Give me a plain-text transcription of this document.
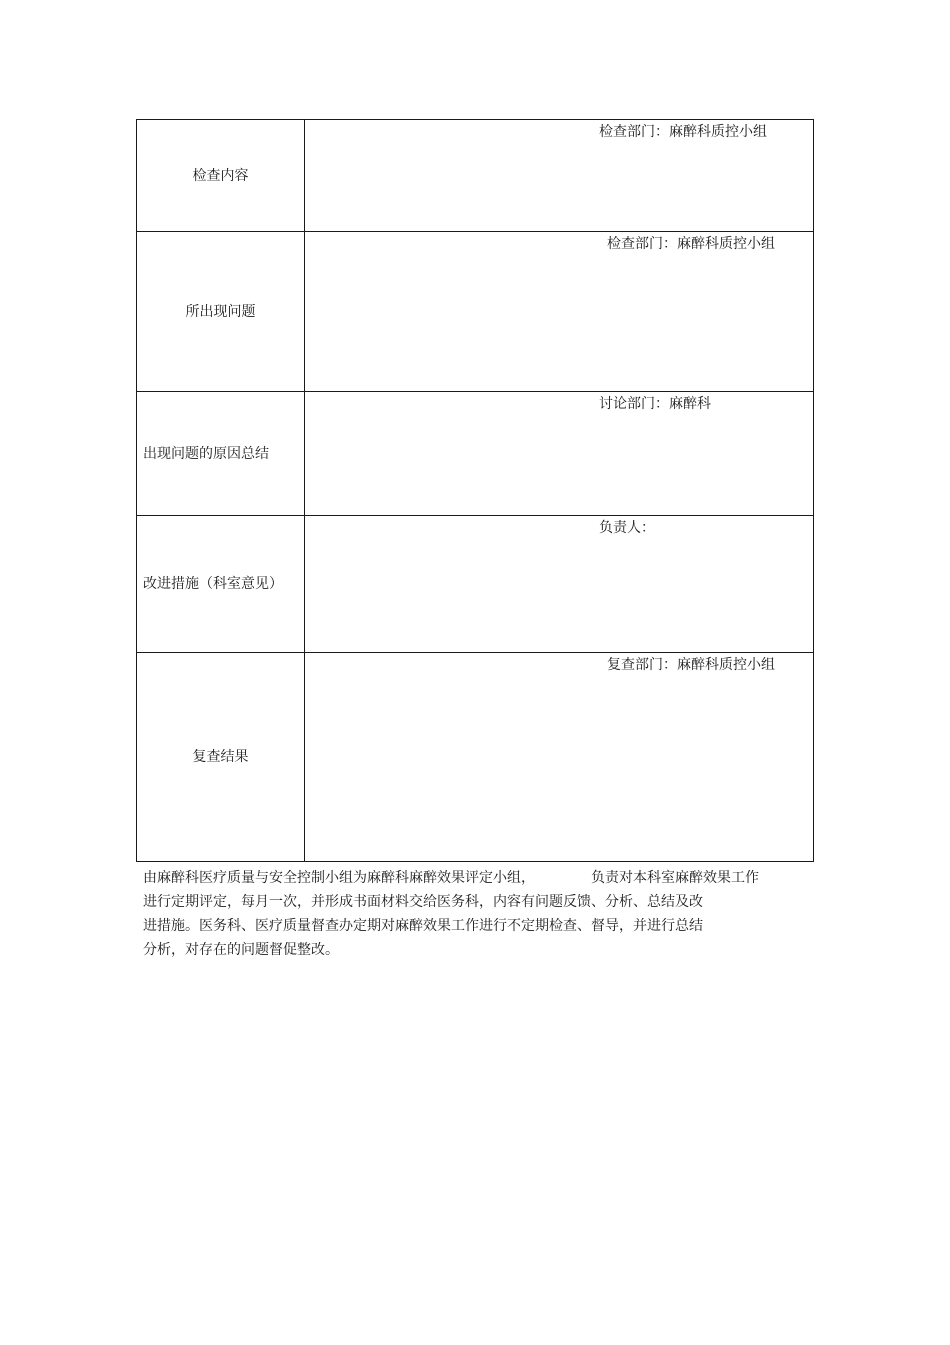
检查内容
检查部门：麻醉科质控小组
所出现问题
检查部门：麻醉科质控小组
出现问题的原因总结
讨论部门：麻醉科
改进措施（科室意见）
负责人：
复查结果
复查部门：麻醉科质控小组
由麻醉科医疗质量与安全控制小组为麻醉科麻醉效果评定小组，	负责对本科室麻醉效果工作
进行定期评定，每月一次，并形成书面材料交给医务科，内容有问题反馈、分析、总结及改
进措施。医务科、医疗质量督查办定期对麻醉效果工作进行不定期检查、督导，并进行总结
分析，对存在的问题督促整改。
